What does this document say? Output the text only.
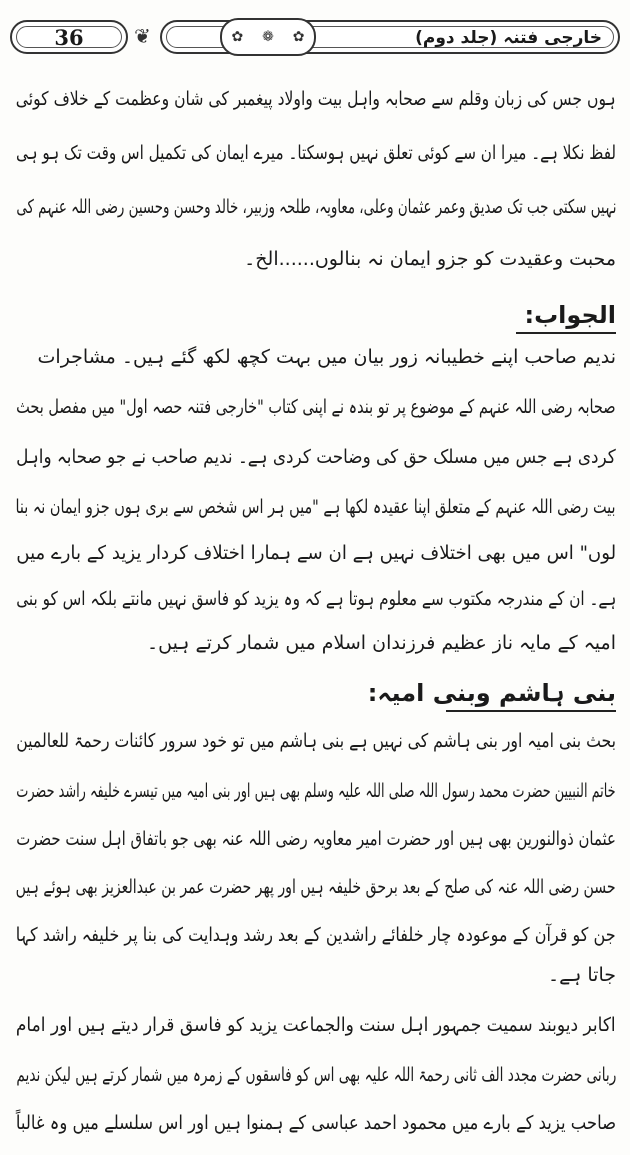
36	❦	✿ ❁ ✿	خارجی فتنہ (جلد دوم)
ہوں جس کی زبان وقلم سے صحابہ واہل بیت واولاد پیغمبر کی شان وعظمت کے خلاف کوئی
لفظ نکلا ہے۔ میرا ان سے کوئی تعلق نہیں ہوسکتا۔ میرے ایمان کی تکمیل اس وقت تک ہو ہی
نہیں سکتی جب تک صدیق وعمر عثمان وعلی، معاویہ، طلحہ وزبیر، خالد وحسن وحسین رضی اللہ عنہم کی
محبت وعقیدت کو جزو ایمان نہ بنالوں......الخ۔
الجواب:
ندیم صاحب اپنے خطیبانہ زور بیان میں بہت کچھ لکھ گئے ہیں۔ مشاجرات
صحابہ رضی اللہ عنہم کے موضوع پر تو بندہ نے اپنی کتاب "خارجی فتنہ حصہ اول" میں مفصل بحث
کردی ہے جس میں مسلک حق کی وضاحت کردی ہے۔ ندیم صاحب نے جو صحابہ واہل
بیت رضی اللہ عنہم کے متعلق اپنا عقیدہ لکھا ہے "میں ہر اس شخص سے بری ہوں جزو ایمان نہ بنا
لوں" اس میں بھی اختلاف نہیں ہے ان سے ہمارا اختلاف کردار یزید کے بارے میں
ہے۔ ان کے مندرجہ مکتوب سے معلوم ہوتا ہے کہ وہ یزید کو فاسق نہیں مانتے بلکہ اس کو بنی
امیہ کے مایہ ناز عظیم فرزندان اسلام میں شمار کرتے ہیں۔
بنی ہاشم وبنی امیہ:
بحث بنی امیہ اور بنی ہاشم کی نہیں ہے بنی ہاشم میں تو خود سرور کائنات رحمۃ للعالمین
خاتم النبیین حضرت محمد رسول اللہ صلی اللہ علیہ وسلم بھی ہیں اور بنی امیہ میں تیسرے خلیفہ راشد حضرت
عثمان ذوالنورین بھی ہیں اور حضرت امیر معاویہ رضی اللہ عنہ بھی جو باتفاق اہل سنت حضرت
حسن رضی اللہ عنہ کی صلح کے بعد برحق خلیفہ ہیں اور پھر حضرت عمر بن عبدالعزیز بھی ہوئے ہیں
جن کو قرآن کے موعودہ چار خلفائے راشدین کے بعد رشد وہدایت کی بنا پر خلیفہ راشد کہا
جاتا ہے۔
اکابر دیوبند سمیت جمہور اہل سنت والجماعت یزید کو فاسق قرار دیتے ہیں اور امام
ربانی حضرت مجدد الف ثانی رحمۃ اللہ علیہ بھی اس کو فاسقوں کے زمرہ میں شمار کرتے ہیں لیکن ندیم
صاحب یزید کے بارے میں محمود احمد عباسی کے ہمنوا ہیں اور اس سلسلے میں وہ غالباً
